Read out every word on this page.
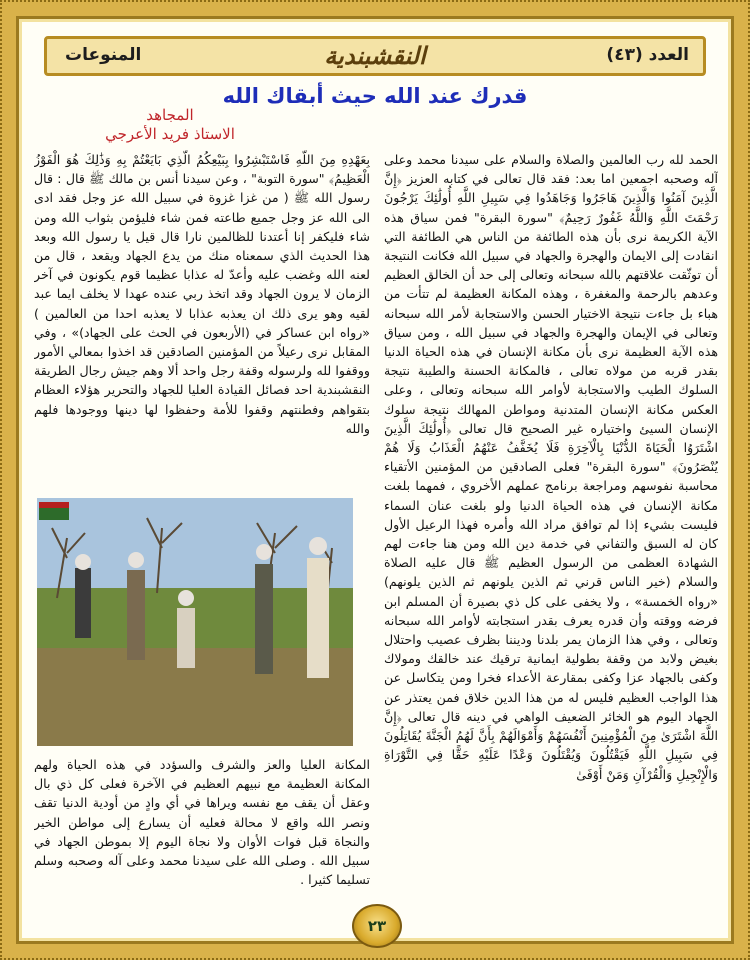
العدد (٤٣)
النقشبندية
المنوعات
قدرك عند الله حيث أبقاك الله
المجاهد
الاستاذ فريد الأعرجي
الحمد لله رب العالمين والصلاة والسلام على سيدنا محمد وعلى آله وصحبه اجمعين اما بعد: فقد قال تعالى في كتابه العزيز ﴿إِنَّ الَّذِينَ آمَنُوا وَالَّذِينَ هَاجَرُوا وَجَاهَدُوا فِي سَبِيلِ اللَّهِ أُولَٰئِكَ يَرْجُونَ رَحْمَتَ اللَّهِ وَاللَّهُ غَفُورٌ رَحِيمٌ﴾ "سورة البقرة" فمن سياق هذه الآية الكريمة نرى بأن هذه الطائفة من الناس هي الطائفة التي انقادت إلى الايمان والهجرة والجهاد في سبيل الله فكانت النتيجة أن توثّقت علاقتهم بالله سبحانه وتعالى إلى حد أن الخالق العظيم وعدهم بالرحمة والمغفرة ، وهذه المكانة العظيمة لم تتأت من هباء بل جاءت نتيجة الاختيار الحسن والاستجابة لأمر الله سبحانه وتعالى في الإيمان والهجرة والجهاد في سبيل الله ، ومن سياق هذه الآية العظيمة نرى بأن مكانة الإنسان في هذه الحياة الدنيا بقدر قربه من مولاه تعالى ، فالمكانة الحسنة والطيبة نتيجة السلوك الطيب والاستجابة لأوامر الله سبحانه وتعالى ، وعلى العكس مكانة الإنسان المتدنية ومواطن المهالك نتيجة سلوك الإنسان السيئ واختياره غير الصحيح قال تعالى ﴿أُولَٰئِكَ الَّذِينَ اشْتَرَوُا الْحَيَاةَ الدُّنْيَا بِالْآخِرَةِ فَلَا يُخَفَّفُ عَنْهُمُ الْعَذَابُ وَلَا هُمْ يُنْصَرُونَ﴾ "سورة البقرة" فعلى الصادقين من المؤمنين الأتقياء محاسبة نفوسهم ومراجعة برنامج عملهم الأخروي ، فمهما بلغت مكانة الإنسان في هذه الحياة الدنيا ولو بلغت عنان السماء فليست بشيء إذا لم توافق مراد الله وأمره فهذا الرعيل الأول كان له السبق والتفاني في خدمة دين الله ومن هنا جاءت لهم الشهادة العظمى من الرسول العظيم ﷺ قال عليه الصلاة والسلام (خير الناس قرني ثم الذين يلونهم ثم الذين يلونهم) «رواه الخمسة» ، ولا يخفى على كل ذي بصيرة أن المسلم ابن فرضه ووقته وأن قدره يعرف بقدر استجابته لأوامر الله سبحانه وتعالى ، وفي هذا الزمان يمر بلدنا وديننا بظرف عصيب واحتلال بغيض ولابد من وقفة بطولية ايمانية ترقيك عند خالقك ومولاك وكفى بالجهاد عزا وكفى بمقارعة الأعداء فخرا ومن يتكاسل عن هذا الواجب العظيم فليس له من هذا الدين خلاق فمن يعتذر عن الجهاد اليوم هو الخائر الضعيف الواهي في دينه قال تعالى ﴿إِنَّ اللَّهَ اشْتَرَىٰ مِنَ الْمُؤْمِنِينَ أَنْفُسَهُمْ وَأَمْوَالَهُمْ بِأَنَّ لَهُمُ الْجَنَّةَ يُقَاتِلُونَ فِي سَبِيلِ اللَّهِ فَيَقْتُلُونَ وَيُقْتَلُونَ وَعْدًا عَلَيْهِ حَقًّا فِي التَّوْرَاةِ وَالْإِنْجِيلِ وَالْقُرْآنِ وَمَنْ أَوْفَىٰ
بِعَهْدِهِ مِنَ اللَّهِ فَاسْتَبْشِرُوا بِبَيْعِكُمُ الَّذِي بَايَعْتُمْ بِهِ وَذَٰلِكَ هُوَ الْفَوْزُ الْعَظِيمُ﴾ "سورة التوبة" ، وعن سيدنا أنس بن مالك ﷺ قال : قال رسول الله ﷺ ( من غزا غزوة في سبيل الله عز وجل فقد ادى الى الله عز وجل جميع طاعته فمن شاء فليؤمن بثواب الله ومن شاء فليكفر إنا أعتدنا للظالمين نارا قال قيل يا رسول الله وبعد هذا الحديث الذي سمعناه منك من يدع الجهاد ويقعد ، قال من لعنه الله وغضب عليه وأعدّ له عذابا عظيما قوم يكونون في آخر الزمان لا يرون الجهاد وقد اتخذ ربي عنده عهدا لا يخلف ايما عبد لقيه وهو يرى ذلك ان يعذبه عذابا لا يعذبه احدا من العالمين ) «رواه ابن عساكر في (الأربعون في الحث على الجهاد)» ، وفي المقابل نرى رعيلاً من المؤمنين الصادقين قد اخذوا بمعالي الأمور ووقفوا لله ولرسوله وقفة رجل واحد ألا وهم جيش رجال الطريقة النقشبندية احد فصائل القيادة العليا للجهاد والتحرير هؤلاء العظام بتقواهم وفطنتهم وقفوا للأمة وحفظوا لها دينها ووجودها فلهم والله
المكانة العليا والعز والشرف والسؤدد في هذه الحياة ولهم المكانة العظيمة مع نبيهم العظيم في الآخرة فعلى كل ذي بال وعقل أن يقف مع نفسه ويراها في أي وادٍ من أودية الدنيا تقف ونصر الله واقع لا محالة فعليه أن يسارع إلى مواطن الخير والنجاة قبل فوات الأوان ولا نجاة اليوم إلا بموطن الجهاد في سبيل الله . وصلى الله على سيدنا محمد وعلى آله وصحبه وسلم تسليما كثيرا .
٢٣
